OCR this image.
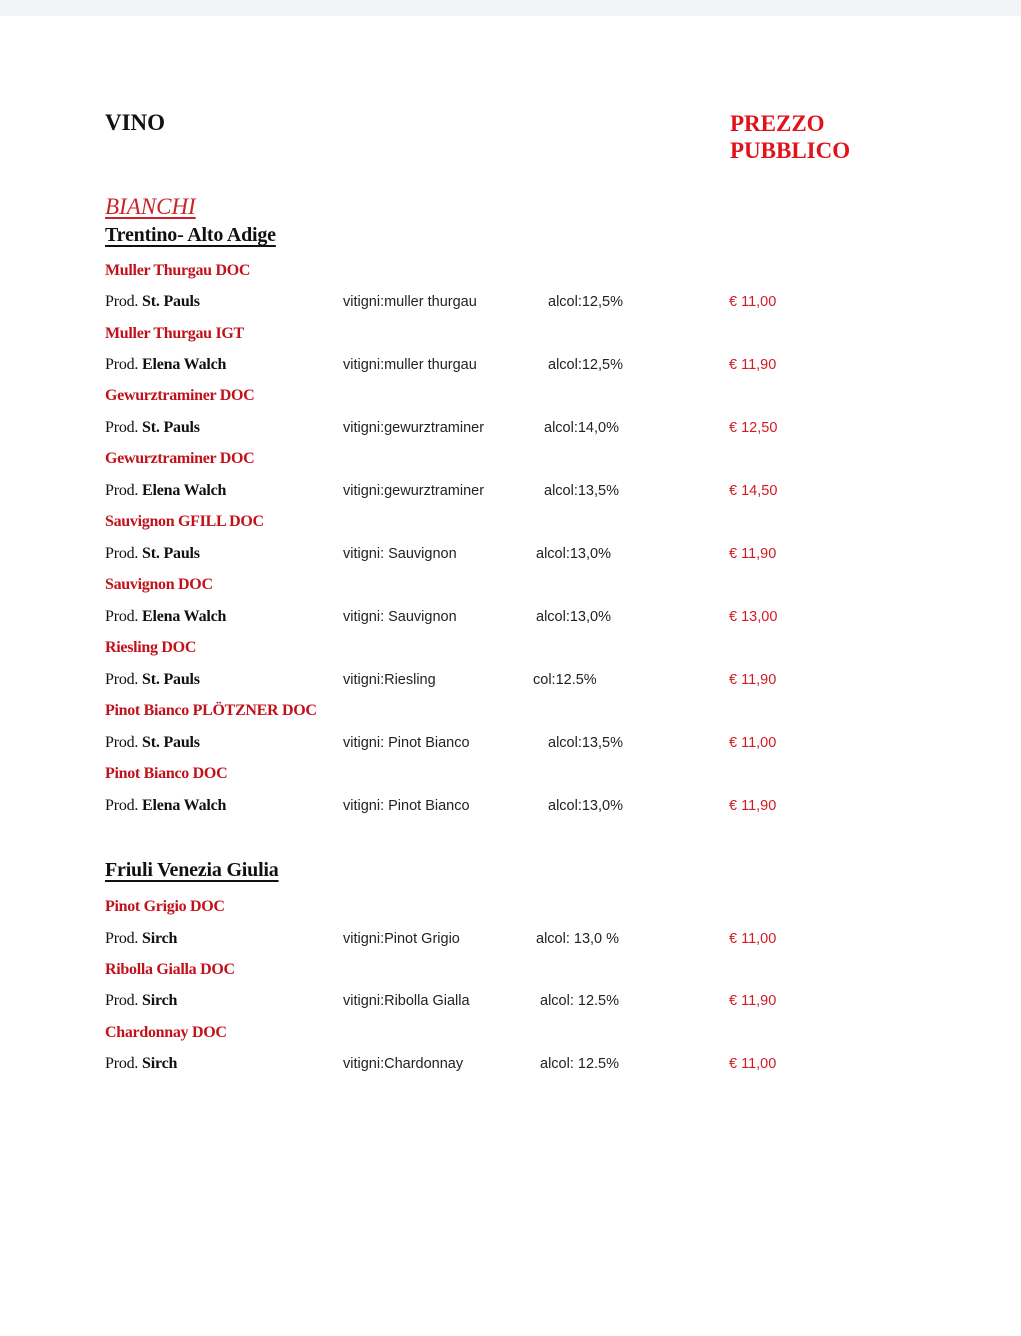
VINO	PREZZO
PUBBLICO
BIANCHI
Trentino- Alto Adige
Muller Thurgau DOC
Prod. St. Pauls	vitigni:muller thurgau	alcol:12,5%	€ 11,00
Muller Thurgau IGT
Prod. Elena Walch	vitigni:muller thurgau	alcol:12,5%	€ 11,90
Gewurztraminer DOC
Prod. St. Pauls	vitigni:gewurztraminer	alcol:14,0%	€ 12,50
Gewurztraminer DOC
Prod. Elena Walch	vitigni:gewurztraminer	alcol:13,5%	€ 14,50
Sauvignon GFILL DOC
Prod. St. Pauls	vitigni: Sauvignon	alcol:13,0%	€ 11,90
Sauvignon DOC
Prod. Elena Walch	vitigni: Sauvignon	alcol:13,0%	€ 13,00
Riesling DOC
Prod. St. Pauls	vitigni:Riesling	col:12.5%	€ 11,90
Pinot Bianco PLÖTZNER DOC
Prod. St. Pauls	vitigni: Pinot Bianco	alcol:13,5%	€ 11,00
Pinot Bianco DOC
Prod. Elena Walch	vitigni: Pinot Bianco	alcol:13,0%	€ 11,90
Friuli Venezia Giulia
Pinot Grigio DOC
Prod. Sirch	vitigni:Pinot Grigio	alcol: 13,0 %	€ 11,00
Ribolla Gialla DOC
Prod. Sirch	vitigni:Ribolla Gialla	alcol: 12.5%	€ 11,90
Chardonnay DOC
Prod. Sirch	vitigni:Chardonnay	alcol: 12.5%	€ 11,00
